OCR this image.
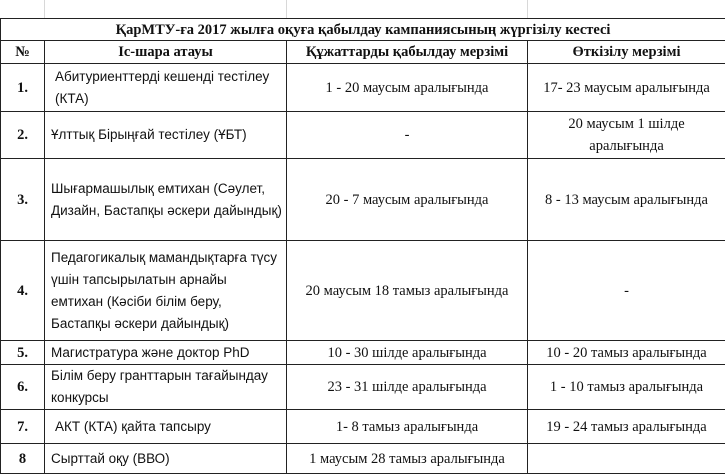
ҚарМТУ-ға 2017 жылға оқуға қабылдау кампаниясының жүргізілу кестесі			
№	Іс-шара атауы	Құжаттарды қабылдау мерзімі	Өткізілу мерзімі
1.	Абитуриенттерді кешенді тестілеу (КТА)	1 - 20 маусым аралығында	17- 23 маусым аралығында
2.	Ұлттық Бірыңғай тестілеу (ҰБТ)	-	20 маусым 1 шілде аралығында
3.	Шығармашылық емтихан (Сәулет, Дизайн, Бастапқы әскери дайындық)	20 - 7 маусым аралығында	8 - 13 маусым аралығында
4.	Педагогикалық мамандықтарға түсу үшін тапсырылатын арнайы емтихан (Кәсіби білім беру, Бастапқы әскери дайындық)	20 маусым 18 тамыз аралығында	-
5.	Магистратура және доктор PhD	10 - 30 шілде аралығында	10 - 20 тамыз аралығында
6.	Білім беру гранттарын тағайындау конкурсы	23 - 31 шілде аралығында	1 - 10 тамыз аралығында
7.	АКТ (КТА) қайта тапсыру	1- 8 тамыз аралығында	19 - 24 тамыз аралығында
8	Сырттай оқу (ВВО)	1 маусым 28 тамыз аралығында	
